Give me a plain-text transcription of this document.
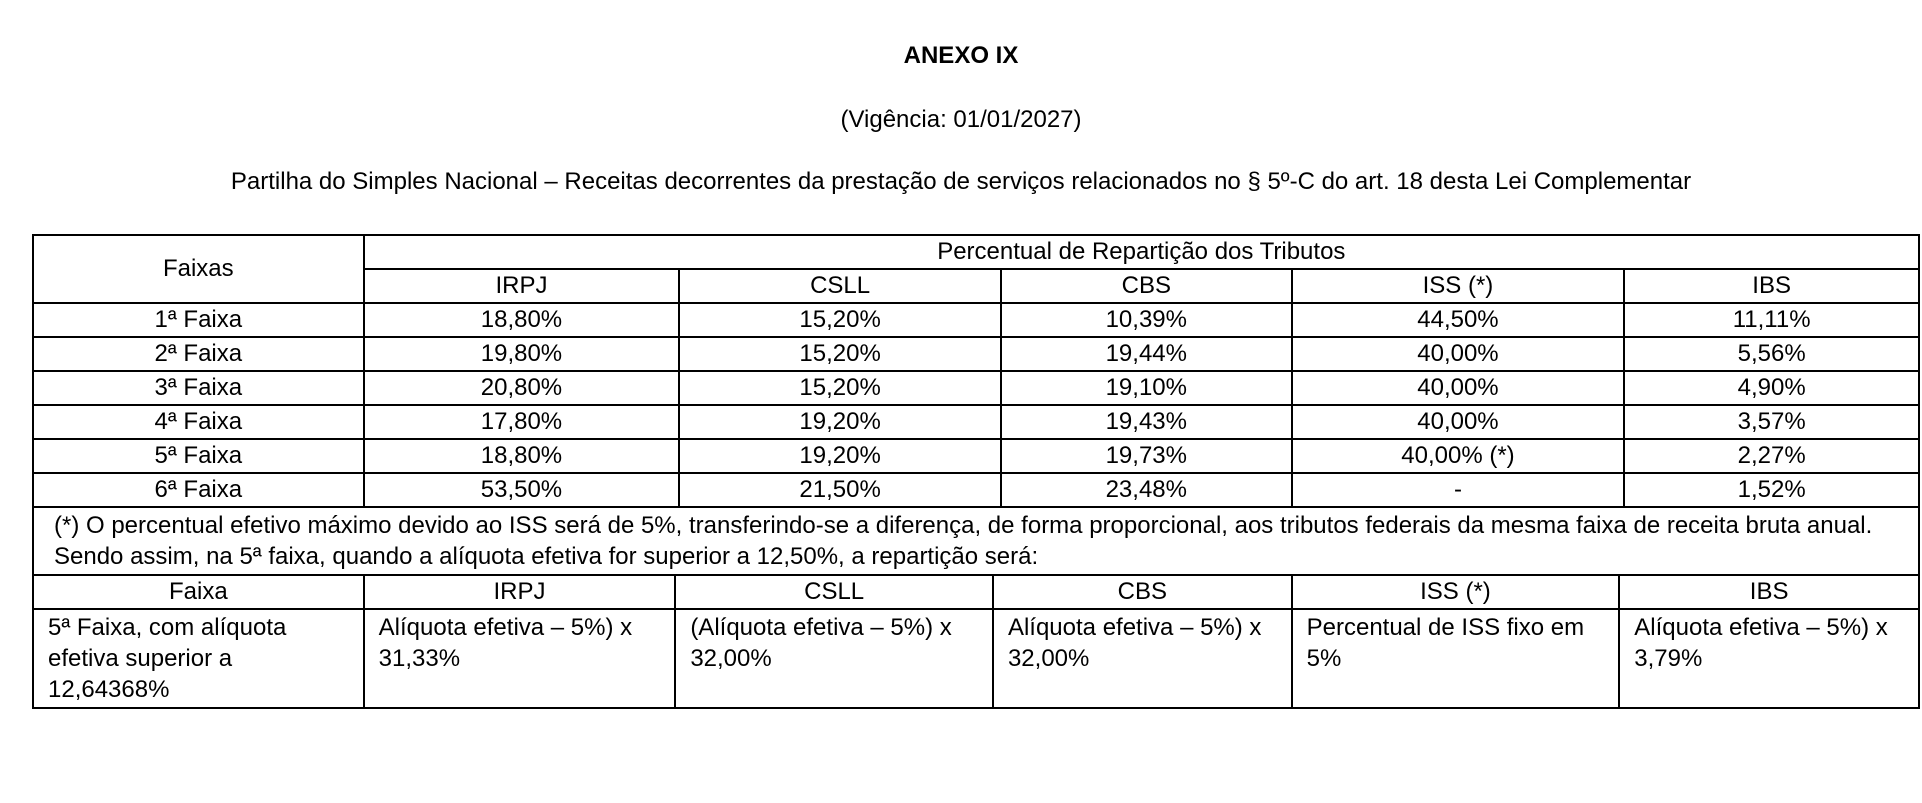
ANEXO IX
(Vigência: 01/01/2027)
Partilha do Simples Nacional – Receitas decorrentes da prestação de serviços relacionados no § 5º-C do art. 18 desta Lei Complementar
Faixas	Percentual de Repartição dos Tributos				
	IRPJ	CSLL	CBS	ISS (*)	IBS
1ª Faixa	18,80%	15,20%	10,39%	44,50%	11,11%
2ª Faixa	19,80%	15,20%	19,44%	40,00%	5,56%
3ª Faixa	20,80%	15,20%	19,10%	40,00%	4,90%
4ª Faixa	17,80%	19,20%	19,43%	40,00%	3,57%
5ª Faixa	18,80%	19,20%	19,73%	40,00% (*)	2,27%
6ª Faixa	53,50%	21,50%	23,48%	-	1,52%
(*) O percentual efetivo máximo devido ao ISS será de 5%, transferindo-se a diferença, de forma proporcional, aos tributos federais da mesma faixa de receita bruta anual. Sendo assim, na 5ª faixa, quando a alíquota efetiva for superior a 12,50%, a repartição será:					
Faixa	IRPJ	CSLL	CBS	ISS (*)	IBS
5ª Faixa, com alíquota efetiva superior a 12,64368%	Alíquota efetiva – 5%) x 31,33%	(Alíquota efetiva – 5%) x 32,00%	Alíquota efetiva – 5%) x 32,00%	Percentual de ISS fixo em 5%	Alíquota efetiva – 5%) x 3,79%
